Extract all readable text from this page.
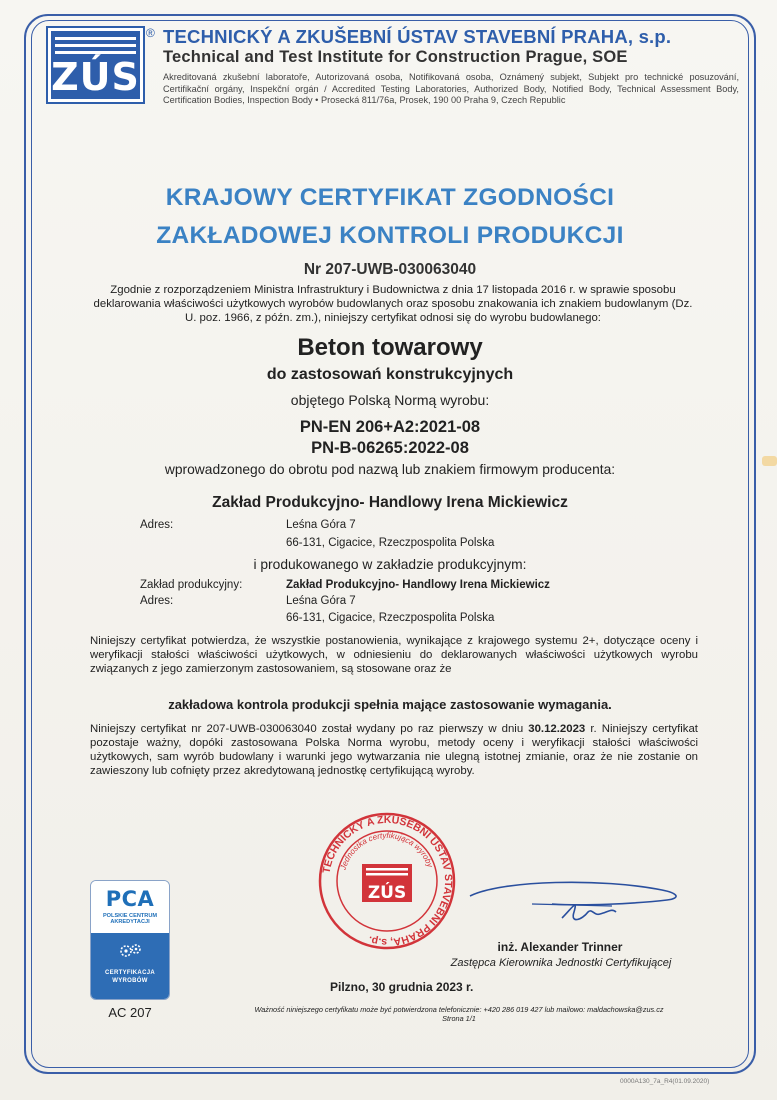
ZÚS
® TECHNICKÝ A ZKUŠEBNÍ ÚSTAV STAVEBNÍ PRAHA, s.p.
Technical and Test Institute for Construction Prague, SOE
Akreditovaná zkušební laboratoře, Autorizovaná osoba, Notifikovaná osoba, Oznámený subjekt, Subjekt pro technické posuzování, Certifikační orgány, Inspekční orgán / Accredited Testing Laboratories, Authorized Body, Notified Body, Technical Assessment Body, Certification Bodies, Inspection Body • Prosecká 811/76a, Prosek, 190 00 Praha 9, Czech Republic
KRAJOWY CERTYFIKAT ZGODNOŚCI
ZAKŁADOWEJ KONTROLI PRODUKCJI
Nr 207-UWB-030063040
Zgodnie z rozporządzeniem Ministra Infrastruktury i Budownictwa z dnia 17 listopada 2016 r. w sprawie sposobu deklarowania właściwości użytkowych wyrobów budowlanych oraz sposobu znakowania ich znakiem budowlanym (Dz. U. poz. 1966, z późn. zm.), niniejszy certyfikat odnosi się do wyrobu budowlanego:
Beton towarowy
do zastosowań konstrukcyjnych
objętego Polską Normą wyrobu:
PN-EN 206+A2:2021-08
PN-B-06265:2022-08
wprowadzonego do obrotu pod nazwą lub znakiem firmowym producenta:
Zakład Produkcyjno- Handlowy Irena Mickiewicz
Adres:	Leśna Góra 7
66-131, Cigacice, Rzeczpospolita Polska
i produkowanego w zakładzie produkcyjnym:
Zakład produkcyjny:	Zakład Produkcyjno- Handlowy Irena Mickiewicz
Adres:	Leśna Góra 7
66-131, Cigacice, Rzeczpospolita Polska
Niniejszy certyfikat potwierdza, że wszystkie postanowienia, wynikające z krajowego systemu 2+, dotyczące oceny i weryfikacji stałości właściwości użytkowych, w odniesieniu do deklarowanych właściwości użytkowych wyrobu związanych z jego zamierzonym zastosowaniem, są stosowane oraz że
zakładowa kontrola produkcji spełnia mające zastosowanie wymagania.
Niniejszy certyfikat nr 207-UWB-030063040 został wydany po raz pierwszy w dniu 30.12.2023 r. Niniejszy certyfikat pozostaje ważny, dopóki zastosowana Polska Norma wyrobu, metody oceny i weryfikacji stałości właściwości użytkowych, sam wyrób budowlany i warunki jego wytwarzania nie ulegną istotnej zmianie, oraz że nie zostanie on zawieszony lub cofnięty przez akredytowaną jednostkę certyfikującą wyroby.
TECHNICKÝ A ZKUŠEBNÍ ÚSTAV STAVEBNÍ PRAHA, s.p.
Jednostka certyfikująca wyroby
ZÚS
inż. Alexander Trinner
Zastępca Kierownika Jednostki Certyfikującej
Pilzno, 30 grudnia 2023 r.
Ważność niniejszego certyfikatu może być potwierdzona telefonicznie: +420 286 019 427 lub mailowo: maldachowska@zus.cz
Strona 1/1
PCA
POLSKIE CENTRUM
AKREDYTACJI
CERTYFIKACJA
WYROBÓW
AC 207
0000A130_7a_R4(01.09.2020)
